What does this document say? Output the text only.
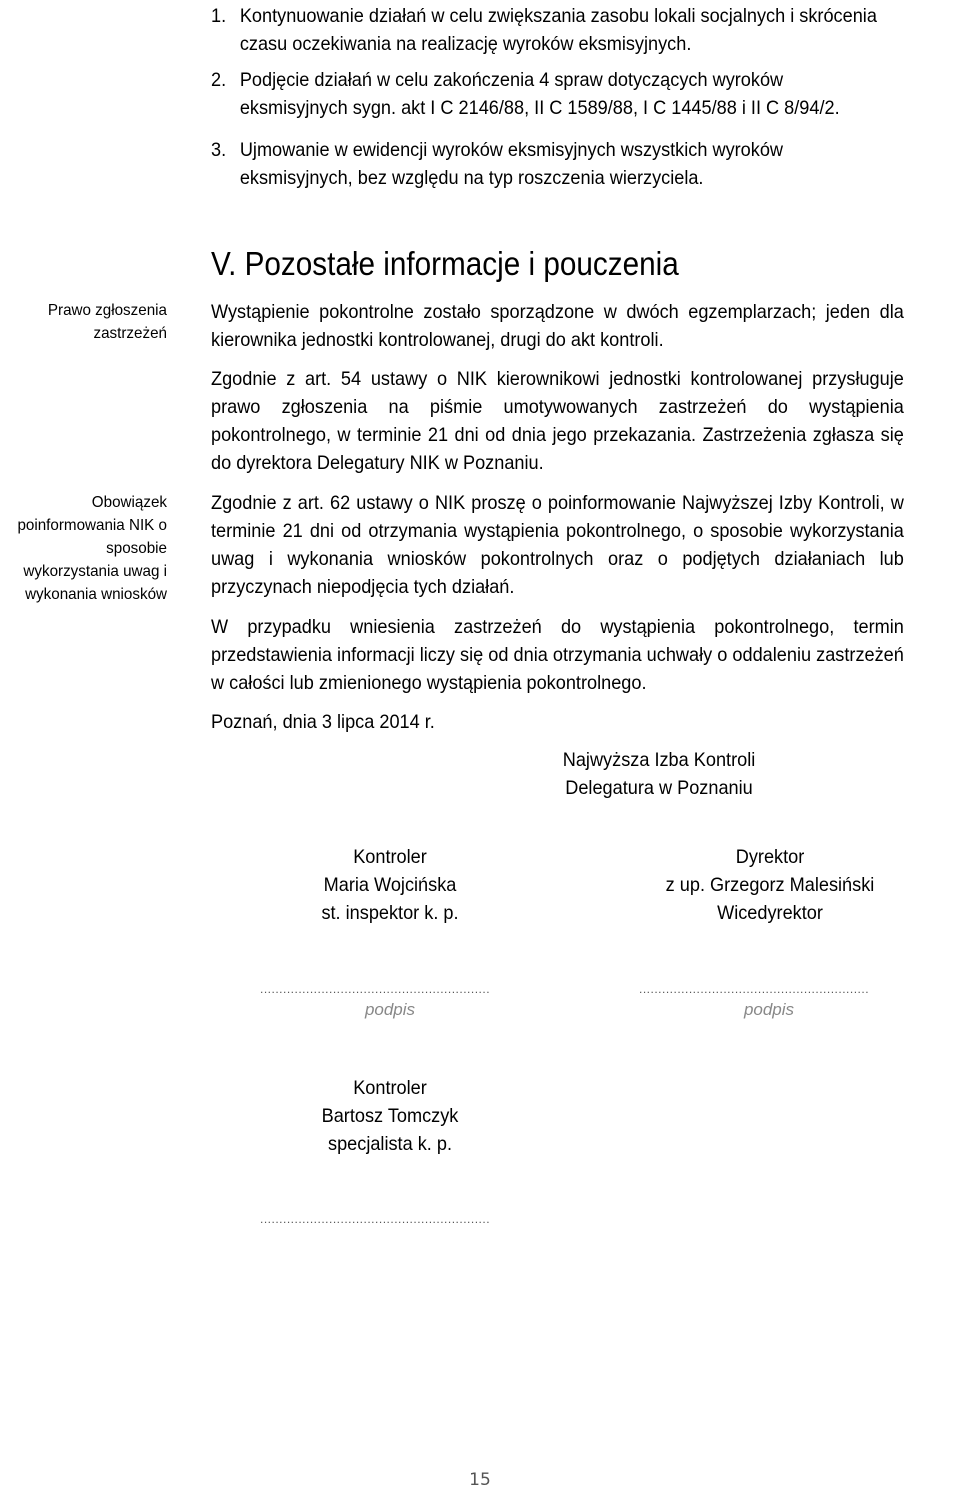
1. Kontynuowanie działań w celu zwiększania zasobu lokali socjalnych i skrócenia

czasu oczekiwania na realizację wyroków eksmisyjnych.

2. Podjęcie działań w celu zakończenia 4 spraw dotyczących wyroków

eksmisyjnych sygn. akt I C 2146/88, II C 1589/88, I C 1445/88 i II C 8/94/2.

3. Ujmowanie w ewidencji wyroków eksmisyjnych wszystkich wyroków

eksmisyjnych, bez względu na typ roszczenia wierzyciela.

V. Pozostałe informacje i pouczenia
Prawo zgłoszenia zastrzeżeń
Obowiązek poinformowania NIK o sposobie wykorzystania uwag i wykonania wniosków
Wystąpienie pokontrolne zostało sporządzone w dwóch egzemplarzach; jeden dla kierownika jednostki kontrolowanej, drugi do akt kontroli.
Zgodnie z art. 54 ustawy o NIK kierownikowi jednostki kontrolowanej przysługuje prawo zgłoszenia na piśmie umotywowanych zastrzeżeń do wystąpienia pokontrolnego, w terminie 21 dni od dnia jego przekazania. Zastrzeżenia zgłasza się do dyrektora Delegatury NIK w Poznaniu.
Zgodnie z art. 62 ustawy o NIK proszę o poinformowanie Najwyższej Izby Kontroli, w terminie 21 dni od otrzymania wystąpienia pokontrolnego, o sposobie wykorzystania uwag i wykonania wniosków pokontrolnych oraz o podjętych działaniach lub przyczynach niepodjęcia tych działań.
W przypadku wniesienia zastrzeżeń do wystąpienia pokontrolnego, termin przedstawienia informacji liczy się od dnia otrzymania uchwały o oddaleniu zastrzeżeń w całości lub zmienionego wystąpienia pokontrolnego.
Poznań, dnia 3 lipca 2014 r.
Najwyższa Izba Kontroli
Delegatura w Poznaniu
Kontroler
Maria Wojcińska
st. inspektor k. p.
Dyrektor
z up. Grzegorz Malesiński
Wicedyrektor
............................................................
podpis
............................................................
podpis
Kontroler
Bartosz Tomczyk
specjalista k. p.
............................................................
15
